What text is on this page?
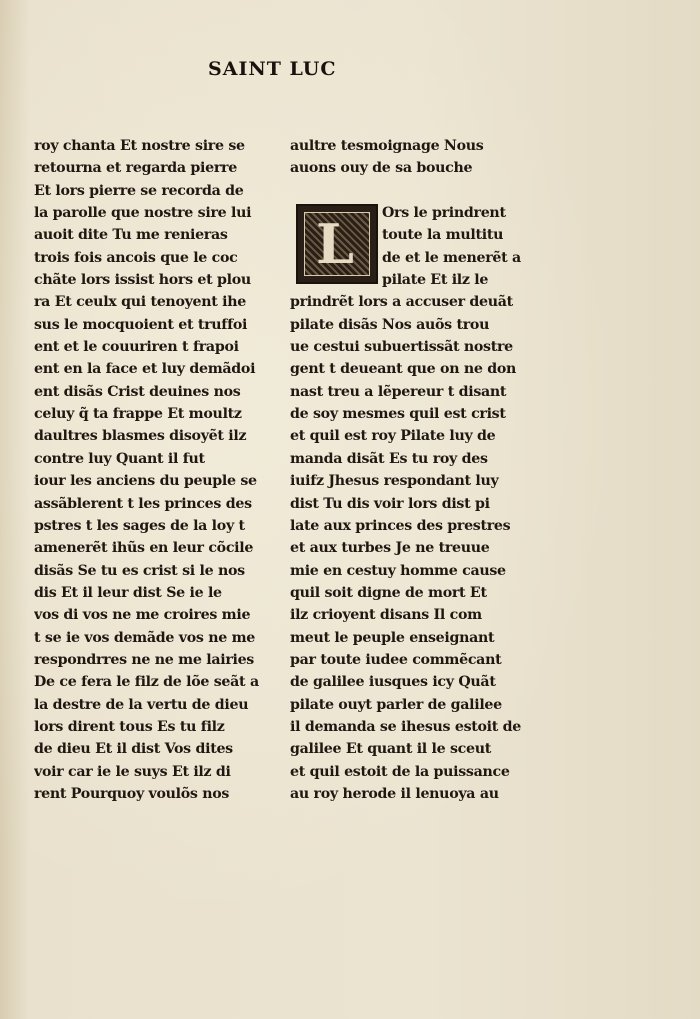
SAINT LUC
roy chanta Et nostre sire se
retourna et regarda pierre
Et lors pierre se recorda de
la parolle que nostre sire lui
auoit dite Tu me renieras
trois fois ancois que le coc
chãte lors issist hors et plou
ra Et ceulx qui tenoyent ihe
sus le mocquoient et truffoi
ent et le couuriren t frapoi
ent en la face et luy demãdoi
ent disãs Crist deuines nos
celuy q̃ ta frappe Et moultz
daultres blasmes disoyẽt ilz
contre luy Quant il fut
iour les anciens du peuple se
assãblerent t les princes des
pstres t les sages de la loy t
amenerẽt ihũs en leur cõcile
disãs Se tu es crist si le nos
dis Et il leur dist Se ie le
vos di vos ne me croires mie
t se ie vos demãde vos ne me
respondrres ne ne me lairies
De ce fera le filz de lõe seãt a
la destre de la vertu de dieu
lors dirent tous Es tu filz
de dieu Et il dist Vos dites
voir car ie le suys Et ilz di
rent Pourquoy voulõs nos
aultre tesmoignage Nous
auons ouy de sa bouche
Ors le prindrent
toute la multitu
de et le menerẽt a
pilate Et ilz le
prindrẽt lors a accuser deuãt
pilate disãs Nos auõs trou
ue cestui subuertissãt nostre
gent t deueant que on ne don
nast treu a lẽpereur t disant
de soy mesmes quil est crist
et quil est roy Pilate luy de
manda disãt Es tu roy des
iuifz Jhesus respondant luy
dist Tu dis voir lors dist pi
late aux princes des prestres
et aux turbes Je ne treuue
mie en cestuy homme cause
quil soit digne de mort Et
ilz crioyent disans Il com
meut le peuple enseignant
par toute iudee commẽcant
de galilee iusques icy Quãt
pilate ouyt parler de galilee
il demanda se ihesus estoit de
galilee Et quant il le sceut
et quil estoit de la puissance
au roy herode il lenuoya au
L
